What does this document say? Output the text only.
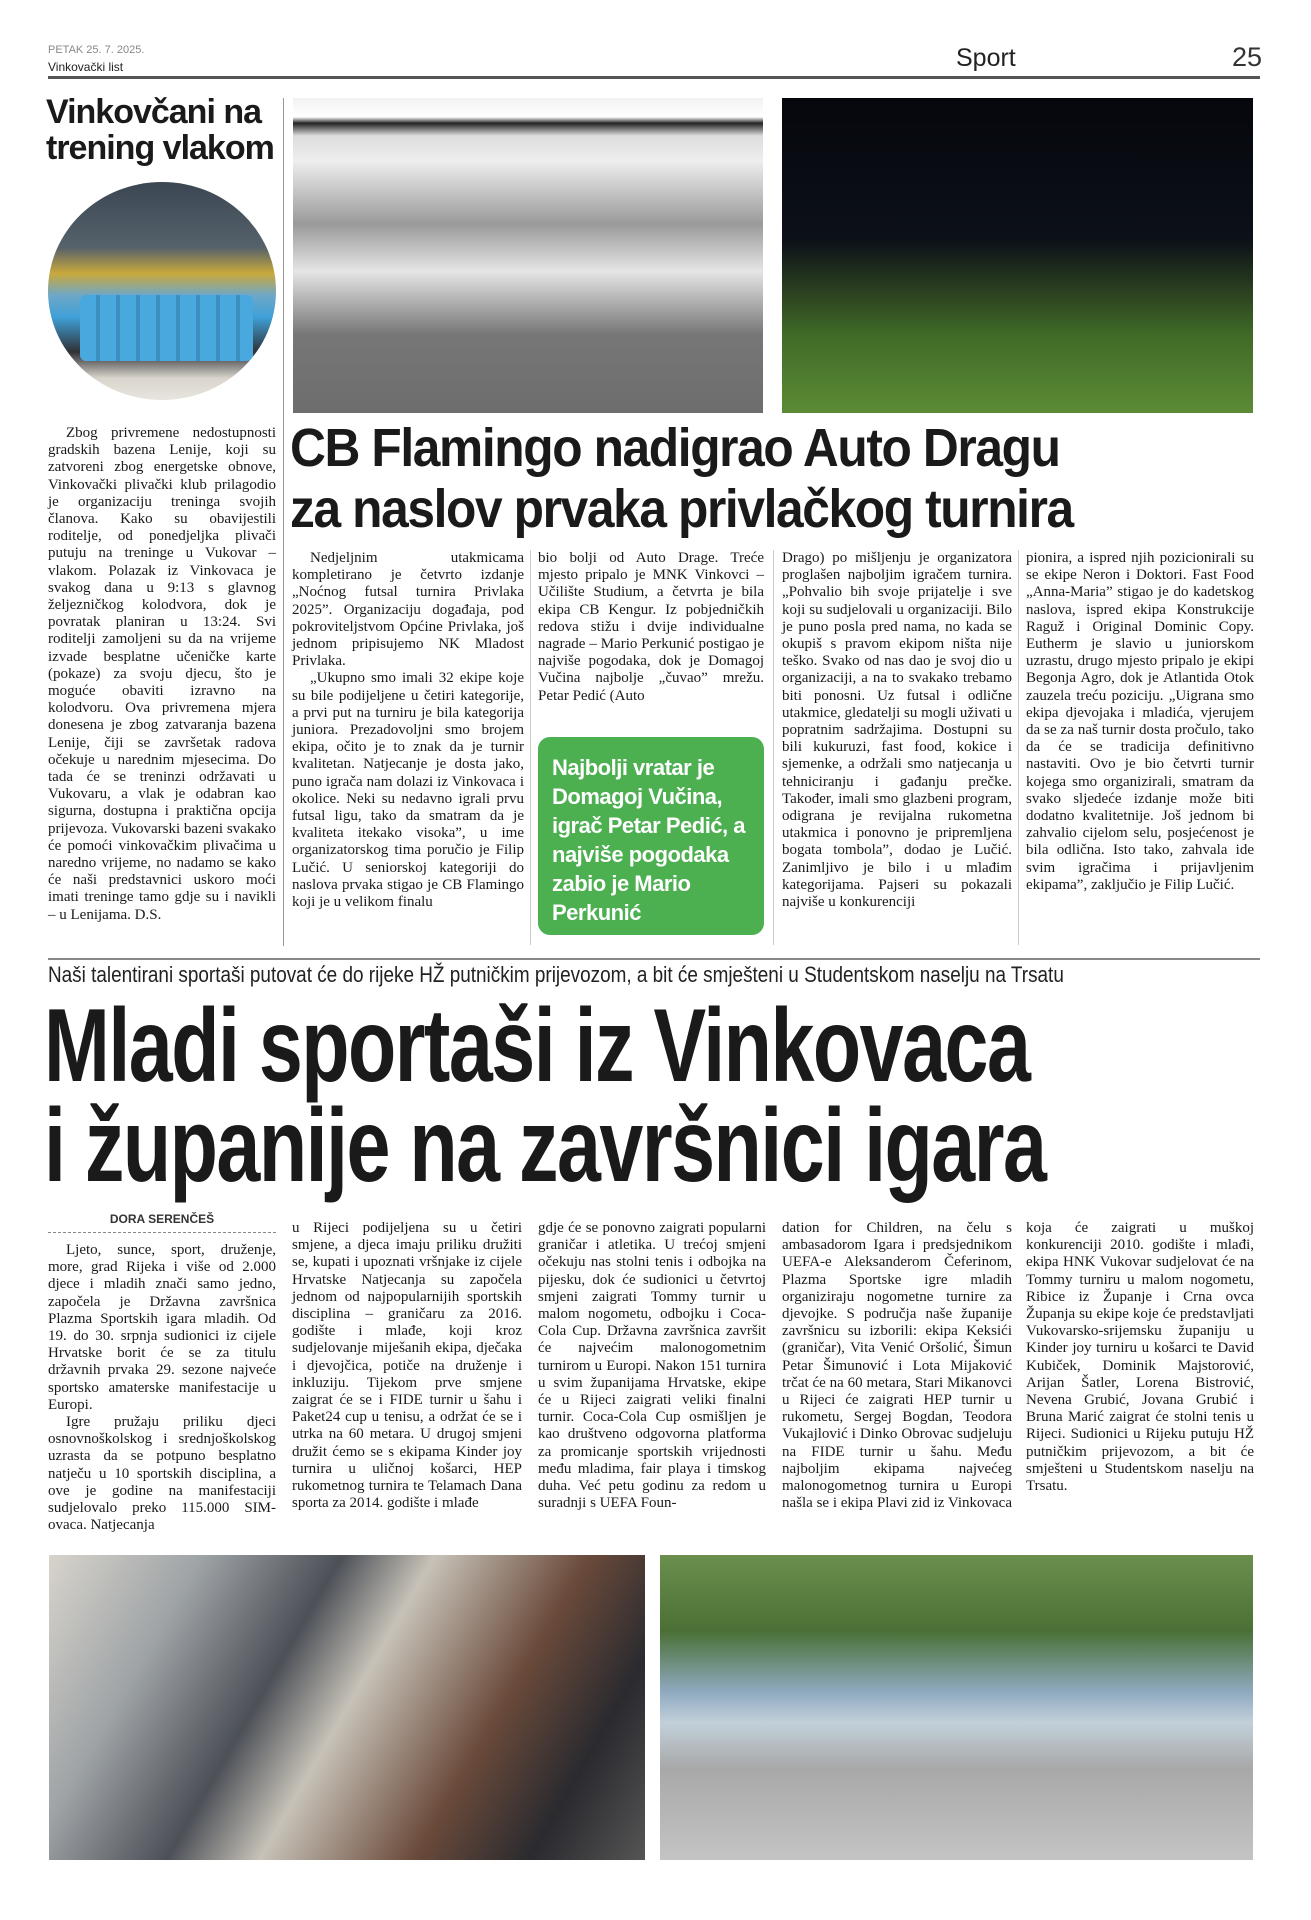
PETAK 25. 7. 2025.
Vinkovački list	Sport	25
Vinkovčani na trening vlakom

Zbog privremene nedostupnosti gradskih bazena Lenije, koji su zatvoreni zbog energetske obnove, Vinkovački plivački klub prilagodio je organizaciju treninga svojih članova. Kako su obavijestili roditelje, od ponedjeljka plivači putuju na treninge u Vukovar – vlakom. Polazak iz Vinkovaca je svakog dana u 9:13 s glavnog željezničkog kolodvora, dok je povratak planiran u 13:24. Svi roditelji zamoljeni su da na vrijeme izvade besplatne učeničke karte (pokaze) za svoju djecu, što je moguće obaviti izravno na kolodvoru. Ova privremena mjera donesena je zbog zatvaranja bazena Lenije, čiji se završetak radova očekuje u narednim mjesecima. Do tada će se treninzi održavati u Vukovaru, a vlak je odabran kao sigurna, dostupna i praktična opcija prijevoza. Vukovarski bazeni svakako će pomoći vinkovačkim plivačima u naredno vrijeme, no nadamo se kako će naši predstavnici uskoro moći imati treninge tamo gdje su i navikli – u Lenijama. D.S.

CB Flamingo nadigrao Auto Dragu
za naslov prvaka privlačkog turnira

Nedjeljnim utakmicama kompletirano je četvrto izdanje „Noćnog futsal turnira Privlaka 2025”. Organizaciju događaja, pod pokroviteljstvom Općine Privlaka, još jednom pripisujemo NK Mladost Privlaka.

„Ukupno smo imali 32 ekipe koje su bile podijeljene u četiri kategorije, a prvi put na turniru je bila kategorija juniora. Prezadovoljni smo brojem ekipa, očito je to znak da je turnir kvalitetan. Natjecanje je dosta jako, puno igrača nam dolazi iz Vinkovaca i okolice. Neki su nedavno igrali prvu futsal ligu, tako da smatram da je kvaliteta itekako visoka”, u ime organizatorskog tima poručio je Filip Lučić. U seniorskoj kategoriji do naslova prvaka stigao je CB Flamingo koji je u velikom finalu

bio bolji od Auto Drage. Treće mjesto pripalo je MNK Vinkovci – Učilište Studium, a četvrta je bila ekipa CB Kengur. Iz pobjedničkih redova stižu i dvije individualne nagrade – Mario Perkunić postigao je najviše pogodaka, dok je Domagoj Vučina najbolje „čuvao” mrežu. Petar Pedić (Auto

Najbolji vratar je Domagoj Vučina, igrač Petar Pedić, a najviše pogodaka zabio je Mario Perkunić

Drago) po mišljenju je organizatora proglašen najboljim igračem turnira. „Pohvalio bih svoje prijatelje i sve koji su sudjelovali u organizaciji. Bilo je puno posla pred nama, no kada se okupiš s pravom ekipom ništa nije teško. Svako od nas dao je svoj dio u organizaciji, a na to svakako trebamo biti ponosni. Uz futsal i odlične utakmice, gledatelji su mogli uživati u popratnim sadržajima. Dostupni su bili kukuruzi, fast food, kokice i sjemenke, a održali smo natjecanja u tehniciranju i gađanju prečke. Također, imali smo glazbeni program, odigrana je revijalna rukometna utakmica i ponovno je pripremljena bogata tombola”, dodao je Lučić. Zanimljivo je bilo i u mlađim kategorijama. Pajseri su pokazali najviše u konkurenciji

pionira, a ispred njih pozicionirali su se ekipe Neron i Doktori. Fast Food „Anna-Maria” stigao je do kadetskog naslova, ispred ekipa Konstrukcije Raguž i Original Dominic Copy. Eutherm je slavio u juniorskom uzrastu, drugo mjesto pripalo je ekipi Begonja Agro, dok je Atlantida Otok zauzela treću poziciju. „Uigrana smo ekipa djevojaka i mladića, vjerujem da se za naš turnir dosta pročulo, tako da će se tradicija definitivno nastaviti. Ovo je bio četvrti turnir kojega smo organizirali, smatram da svako sljedeće izdanje može biti dodatno kvalitetnije. Još jednom bi zahvalio cijelom selu, posjećenost je bila odlična. Isto tako, zahvala ide svim igračima i prijavljenim ekipama”, zaključio je Filip Lučić.

Naši talentirani sportaši putovat će do rijeke HŽ putničkim prijevozom, a bit će smješteni u Studentskom naselju na Trsatu
Mladi sportaši iz Vinkovaca
i županije na završnici igara
DORA SERENČEŠ

Ljeto, sunce, sport, druženje, more, grad Rijeka i više od 2.000 djece i mladih znači samo jedno, započela je Državna završnica Plazma Sportskih igara mladih. Od 19. do 30. srpnja sudionici iz cijele Hrvatske borit će se za titulu državnih prvaka 29. sezone najveće sportsko amaterske manifestacije u Europi.

Igre pružaju priliku djeci osnovnoškolskog i srednjoškolskog uzrasta da se potpuno besplatno natječu u 10 sportskih disciplina, a ove je godine na manifestaciji sudjelovalo preko 115.000 SIM-ovaca. Natjecanja

u Rijeci podijeljena su u četiri smjene, a djeca imaju priliku družiti se, kupati i upoznati vršnjake iz cijele Hrvatske Natjecanja su započela jednom od najpopularnijih sportskih disciplina – graničaru za 2016. godište i mlađe, koji kroz sudjelovanje miješanih ekipa, dječaka i djevojčica, potiče na druženje i inkluziju. Tijekom prve smjene zaigrat će se i FIDE turnir u šahu i Paket24 cup u tenisu, a održat će se i utrka na 60 metara. U drugoj smjeni družit ćemo se s ekipama Kinder joy turnira u uličnoj košarci, HEP rukometnog turnira te Telamach Dana sporta za 2014. godište i mlađe

gdje će se ponovno zaigrati popularni graničar i atletika. U trećoj smjeni očekuju nas stolni tenis i odbojka na pijesku, dok će sudionici u četvrtoj smjeni zaigrati Tommy turnir u malom nogometu, odbojku i Coca-Cola Cup. Državna završnica završit će najvećim malonogometnim turnirom u Europi. Nakon 151 turnira u svim županijama Hrvatske, ekipe će u Rijeci zaigrati veliki finalni turnir. Coca-Cola Cup osmišljen je kao društveno odgovorna platforma za promicanje sportskih vrijednosti među mladima, fair playa i timskog duha. Već petu godinu za redom u suradnji s UEFA Foun-

dation for Children, na čelu s ambasadorom Igara i predsjednikom UEFA-e Aleksanderom Čeferinom, Plazma Sportske igre mladih organiziraju nogometne turnire za djevojke. S područja naše županije završnicu su izborili: ekipa Keksići (graničar), Vita Venić Oršolić, Šimun Petar Šimunović i Lota Mijaković trčat će na 60 metara, Stari Mikanovci u Rijeci će zaigrati HEP turnir u rukometu, Sergej Bogdan, Teodora Vukajlović i Dinko Obrovac sudjeluju na FIDE turnir u šahu. Među najboljim ekipama najvećeg malonogometnog turnira u Europi našla se i ekipa Plavi zid iz Vinkovaca

koja će zaigrati u muškoj konkurenciji 2010. godište i mlađi, ekipa HNK Vukovar sudjelovat će na Tommy turniru u malom nogometu, Ribice iz Županje i Crna ovca Županja su ekipe koje će predstavljati Vukovarsko-srijemsku županiju u Kinder joy turniru u košarci te David Kubiček, Dominik Majstorović, Arijan Šatler, Lorena Bistrović, Nevena Grubić, Jovana Grubić i Bruna Marić zaigrat će stolni tenis u Rijeci. Sudionici u Rijeku putuju HŽ putničkim prijevozom, a bit će smješteni u Studentskom naselju na Trsatu.
